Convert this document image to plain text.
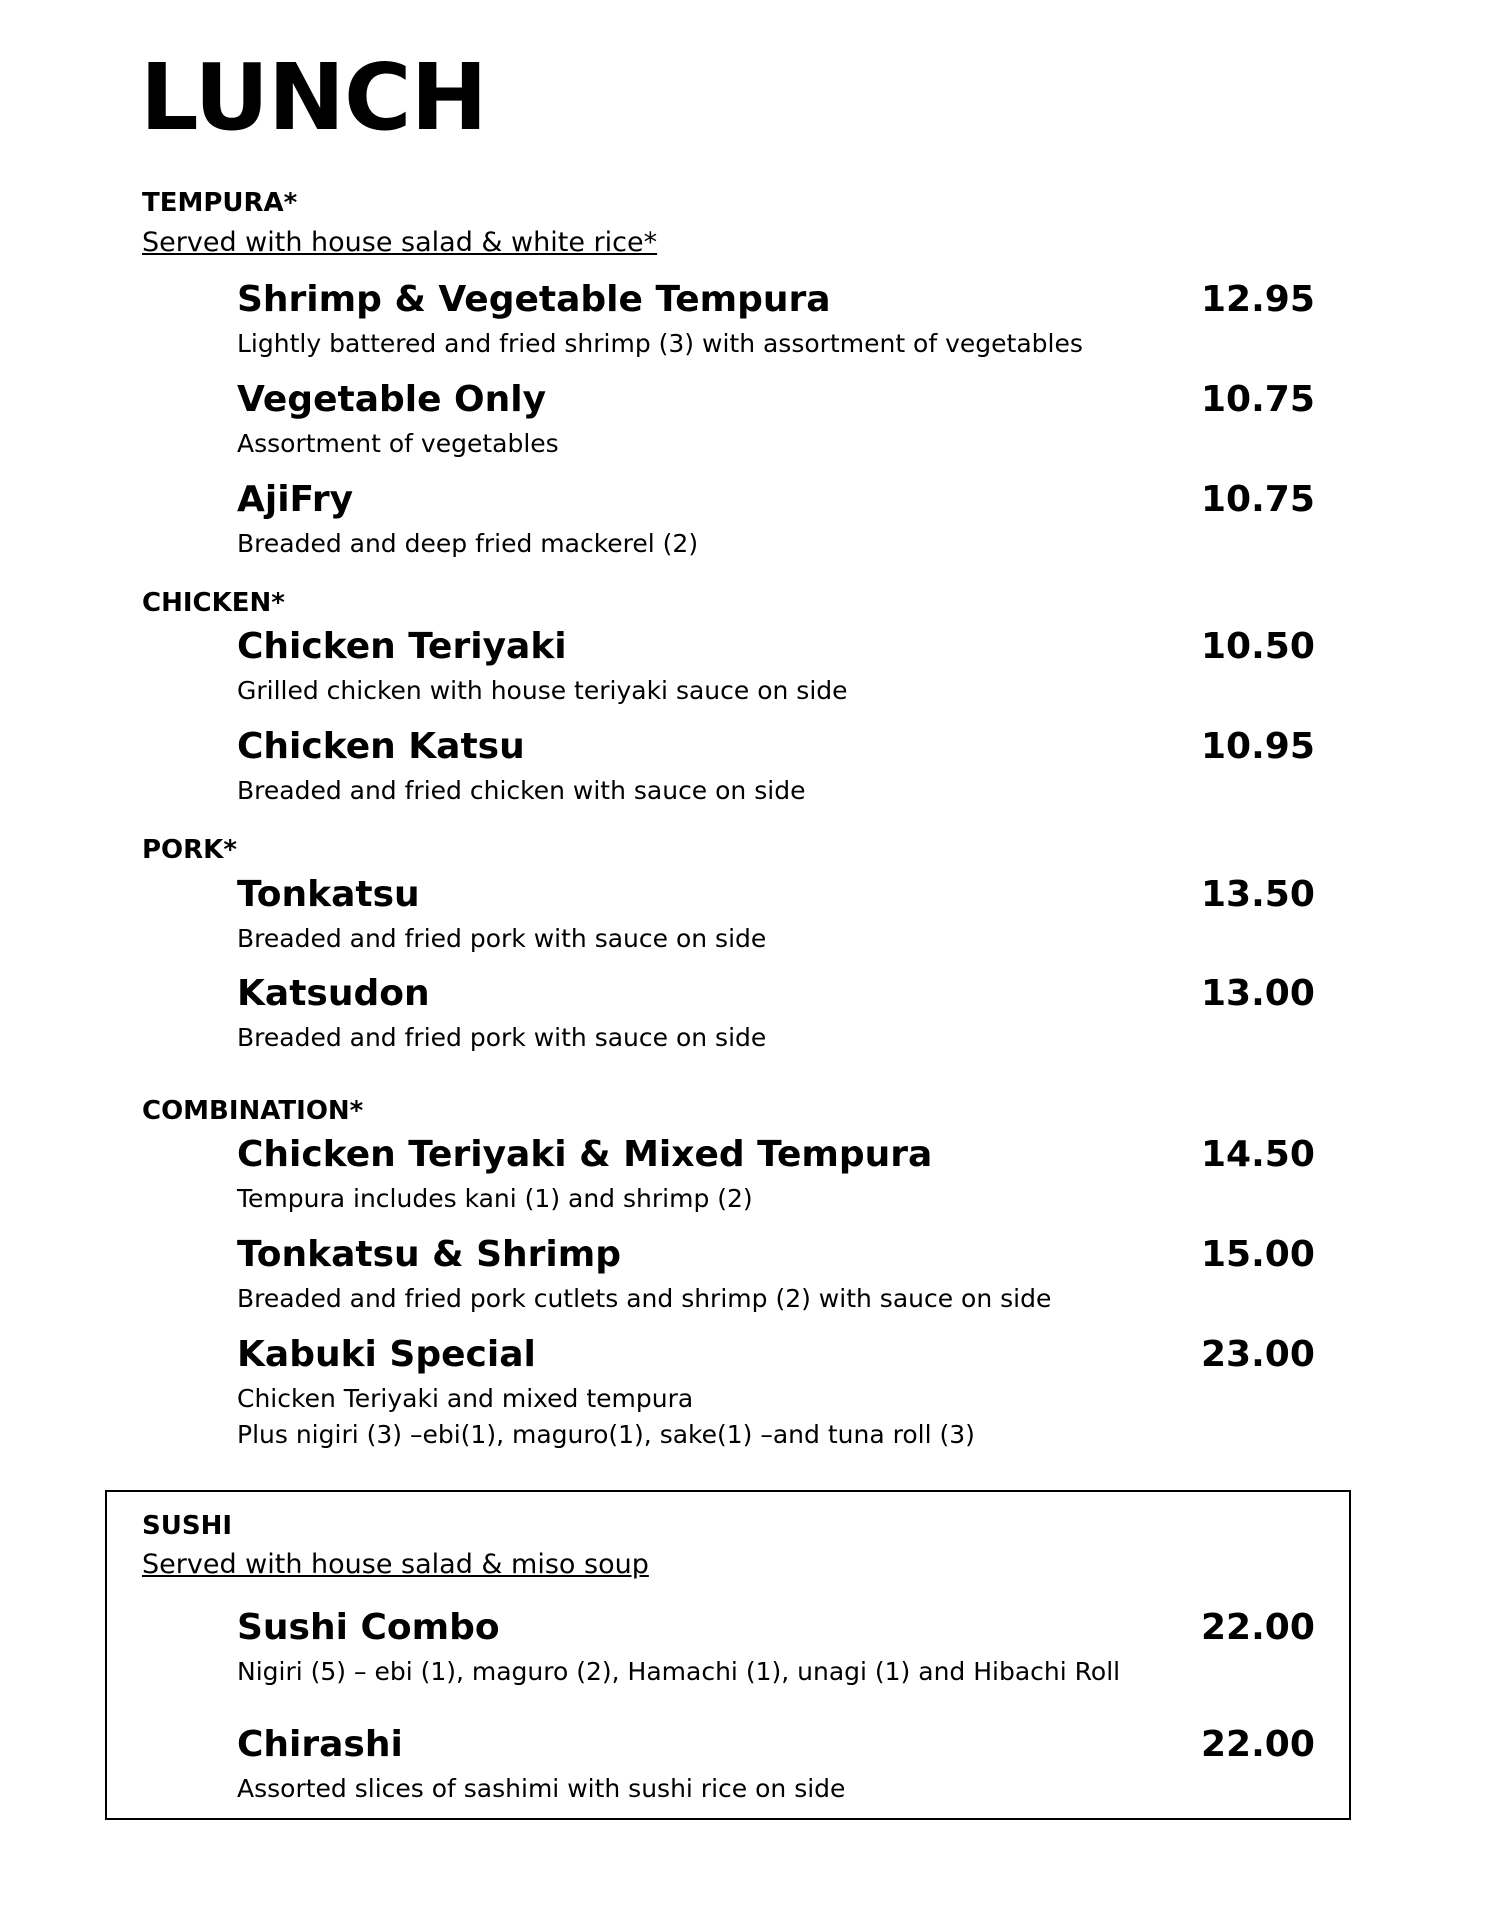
LUNCH
TEMPURA*
Served with house salad & white rice*
Shrimp & Vegetable Tempura	12.95
Lightly battered and fried shrimp (3) with assortment of vegetables
Vegetable Only	10.75
Assortment of vegetables
AjiFry	10.75
Breaded and deep fried mackerel (2)
CHICKEN*
Chicken Teriyaki	10.50
Grilled chicken with house teriyaki sauce on side
Chicken Katsu	10.95
Breaded and fried chicken with sauce on side
PORK*
Tonkatsu	13.50
Breaded and fried pork with sauce on side
Katsudon	13.00
Breaded and fried pork with sauce on side
COMBINATION*
Chicken Teriyaki & Mixed Tempura	14.50
Tempura includes kani (1) and shrimp (2)
Tonkatsu & Shrimp	15.00
Breaded and fried pork cutlets and shrimp (2) with sauce on side
Kabuki Special	23.00
Chicken Teriyaki and mixed tempura
Plus nigiri (3) –ebi(1), maguro(1), sake(1) –and tuna roll (3)
SUSHI
Served with house salad & miso soup
Sushi Combo	22.00
Nigiri (5) – ebi (1), maguro (2), Hamachi (1), unagi (1) and Hibachi Roll
Chirashi	22.00
Assorted slices of sashimi with sushi rice on side
